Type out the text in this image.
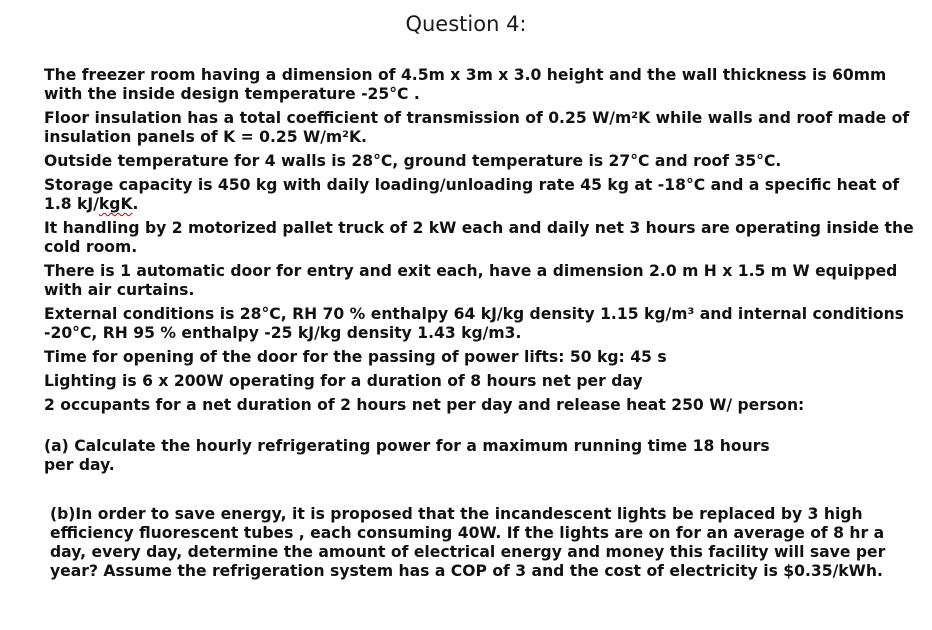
Question 4:

The freezer room having a dimension of 4.5m x 3m x 3.0 height and the wall thickness is 60mm with the inside design temperature -25°C .

Floor insulation has a total coefficient of transmission of 0.25 W/m²K while walls and roof made of insulation panels of K = 0.25 W/m²K.

Outside temperature for 4 walls is 28°C, ground temperature is 27°C and roof 35°C.

Storage capacity is 450 kg with daily loading/unloading rate 45 kg at -18°C and a specific heat of 1.8 kJ/kgK.

It handling by 2 motorized pallet truck of 2 kW each and daily net 3 hours are operating inside the cold room.

There is 1 automatic door for entry and exit each, have a dimension 2.0 m H x 1.5 m W equipped with air curtains.

External conditions is 28°C, RH 70 % enthalpy 64 kJ/kg density 1.15 kg/m³ and internal conditions -20°C, RH 95 % enthalpy -25 kJ/kg density 1.43 kg/m3.

Time for opening of the door for the passing of power lifts: 50 kg: 45 s

Lighting is 6 x 200W operating for a duration of 8 hours net per day

2 occupants for a net duration of 2 hours net per day and release heat 250 W/ person:

(a) Calculate the hourly refrigerating power for a maximum running time 18 hours per day.

(b)In order to save energy, it is proposed that the incandescent lights be replaced by 3 high efficiency fluorescent tubes , each consuming 40W. If the lights are on for an average of 8 hr a day, every day, determine the amount of electrical energy and money this facility will save per year? Assume the refrigeration system has a COP of 3 and the cost of electricity is $0.35/kWh.
